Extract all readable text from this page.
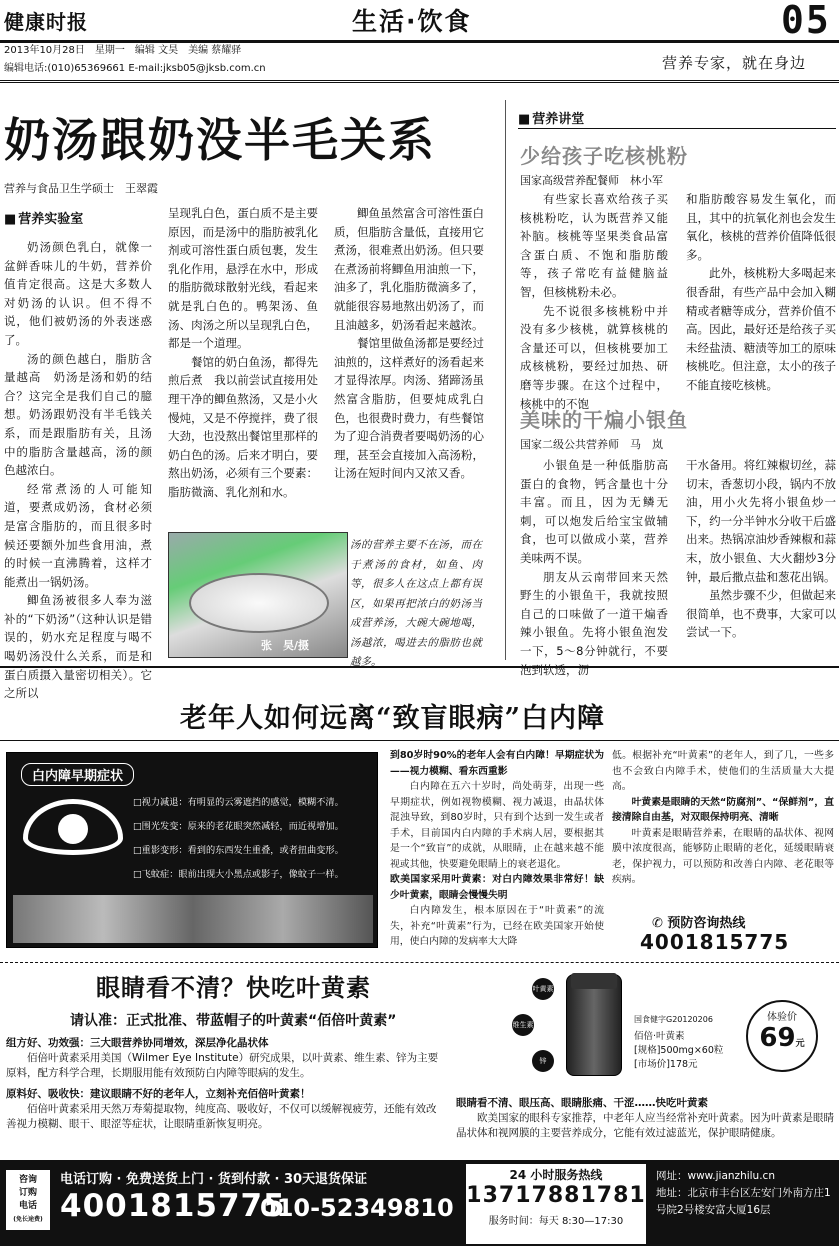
健康时报	生活·饮食	05
2013年10月28日　星期一　编辑 文昊　美编 蔡耀驿
编辑电话:(010)65369661 E-mail:jksb05@jksb.com.cn	营养专家，就在身边
奶汤跟奶没半毛关系
营养与食品卫生学硕士　王翠霞
■ 营养实验室

奶汤颜色乳白，就像一盆鲜香味儿的牛奶，营养价值肯定很高。这是大多数人对奶汤的认识。但不得不说，他们被奶汤的外表迷惑了。

汤的颜色越白，脂肪含量越高　奶汤是汤和奶的结合？这完全是我们自己的臆想。奶汤跟奶没有半毛钱关系，而是跟脂肪有关，且汤中的脂肪含量越高，汤的颜色越浓白。

经常煮汤的人可能知道，要煮成奶汤，食材必须是富含脂肪的，而且很多时候还要额外加些食用油，煮的时候一直沸腾着，这样才能煮出一锅奶汤。

鲫鱼汤被很多人奉为滋补的“下奶汤”（这种认识是错误的，奶水充足程度与喝不喝奶汤没什么关系，而是和蛋白质摄入量密切相关）。它之所以

呈现乳白色，蛋白质不是主要原因，而是汤中的脂肪被乳化剂或可溶性蛋白质包裹，发生乳化作用，悬浮在水中，形成的脂肪微球散射光线，看起来就是乳白色的。鸭架汤、鱼汤、肉汤之所以呈现乳白色，都是一个道理。

餐馆的奶白鱼汤，都得先煎后煮　我以前尝试直接用处理干净的鲫鱼熬汤，又是小火慢炖，又是不停搅拌，费了很大劲，也没熬出餐馆里那样的奶白色的汤。后来才明白，要熬出奶汤，必须有三个要素：脂肪微滴、乳化剂和水。

鲫鱼虽然富含可溶性蛋白质，但脂肪含量低，直接用它煮汤，很难煮出奶汤。但只要在煮汤前将鲫鱼用油煎一下，油多了，乳化脂肪微滴多了，就能很容易地熬出奶汤了，而且油越多，奶汤看起来越浓。

餐馆里做鱼汤都是要经过油煎的，这样煮好的汤看起来才显得浓厚。肉汤、猪蹄汤虽然富含脂肪，但要炖成乳白色，也很费时费力，有些餐馆为了迎合消费者要喝奶汤的心理，甚至会直接加入高汤粉，让汤在短时间内又浓又香。

张　昊/摄
汤的营养主要不在汤，而在于煮汤的食材，如鱼、肉等，很多人在这点上都有误区，如果再把浓白的奶汤当成营养汤，大碗大碗地喝，汤越浓，喝进去的脂肪也就越多。
■ 营养讲堂
少给孩子吃核桃粉
国家高级营养配餐师　林小军

有些家长喜欢给孩子买核桃粉吃，认为既营养又能补脑。核桃等坚果类食品富含蛋白质、不饱和脂肪酸等，孩子常吃有益健脑益智，但核桃粉未必。

先不说很多核桃粉中并没有多少核桃，就算核桃的含量还可以，但核桃要加工成核桃粉，要经过加热、研磨等步骤。在这个过程中，核桃中的不饱

和脂肪酸容易发生氧化，而且，其中的抗氧化剂也会发生氧化，核桃的营养价值降低很多。

此外，核桃粉大多喝起来很香甜，有些产品中会加入糊精或者糖等成分，营养价值不高。因此，最好还是给孩子买未经盐渍、糖渍等加工的原味核桃吃。但注意，太小的孩子不能直接吃核桃。

美味的干煸小银鱼
国家二级公共营养师　马　岚

小银鱼是一种低脂肪高蛋白的食物，钙含量也十分丰富。而且，因为无鳞无刺，可以炮发后给宝宝做辅食，也可以做成小菜，营养美味两不误。

朋友从云南带回来天然野生的小银鱼干，我就按照自己的口味做了一道干煸香辣小银鱼。先将小银鱼泡发一下，5～8分钟就行，不要泡到软透，沥

干水备用。将红辣椒切丝，蒜切末，香葱切小段，锅内不放油，用小火先将小银鱼炒一下，约一分半钟水分收干后盛出来。热锅凉油炒香辣椒和蒜末，放小银鱼、大火翻炒3分钟，最后撒点盐和葱花出锅。

虽然步骤不少，但做起来很简单，也不费事，大家可以尝试一下。

老年人如何远离“致盲眼病”白内障
白内障早期症状
□视力减退：有明显的云雾遮挡的感觉，模糊不清。
□围光发变：原来的老花眼突然减轻，而近视增加。
□重影变形：看到的东西发生重叠，或者扭曲变形。
□飞蚊症：眼前出现大小黑点或影子，像蚊子一样。
到80岁时90%的老年人会有白内障！早期症状为——视力模糊、看东西重影
白内障在五六十岁时，尚处萌芽，出现一些早期症状，例如视物模糊、视力减退，由晶状体混浊导致，到80岁时，只有到个达到一发生或者手术，目前国内白内障的手术病人居，要根据其是一个“致盲”的成就，从眼睛，止在越来越不能视或其他，快要避免眼睛上的衰老退化。
欧美国家采用叶黄素：对白内障效果非常好！缺少叶黄素，眼睛会慢慢失明
白内障发生，根本原因在于“叶黄素”的流失，补充“叶黄素”行为，已经在欧美国家开始使用，使白内障的发病率大大降
低。根据补充“叶黄素”的老年人，到了几，一些多也不会致白内障手术，使他们的生活质量大大提高。
叶黄素是眼睛的天然“防腐剂”、“保鲜剂”，直接清除自由基，对双眼保持明亮、清晰
叶黄素是眼睛营养素，在眼睛的晶状体、视网膜中浓度很高，能够防止眼睛的老化，延缓眼睛衰老，保护视力，可以预防和改善白内障、老花眼等疾病。
✆ 预防咨询热线
4001815775
眼睛看不清？快吃叶黄素
请认准：正式批准、带蓝帽子的叶黄素“佰倍叶黄素”
组方好、功效强：三大眼营养协同增效，深层净化晶状体
佰倍叶黄素采用美国（Wilmer Eye Institute）研究成果，以叶黄素、维生素、锌为主要原料，配方科学合理，长期服用能有效预防白内障等眼病的发生。
原料好、吸收快：建议眼睛不好的老年人，立刻补充佰倍叶黄素！
佰倍叶黄素采用天然万寿菊提取物，纯度高、吸收好，不仅可以缓解视疲劳，还能有效改善视力模糊、眼干、眼涩等症状，让眼睛重新恢复明亮。
叶黄素
维生素
锌
国食健字G20120206
佰倍·叶黄素
[规格]500mg×60粒
[市场价]178元
体验价
69元
眼睛看不清、眼压高、眼睛胀痛、干涩……快吃叶黄素
欧美国家的眼科专家推荐，中老年人应当经常补充叶黄素。因为叶黄素是眼睛晶状体和视网膜的主要营养成分，它能有效过滤蓝光，保护眼睛健康。
咨询
订购
电话
(免长途费)
电话订购 · 免费送货上门 · 货到付款 · 30天退货保证
4001815775
010-52349810
24 小时服务热线
13717881781
服务时间：每天 8:30—17:30
网址：www.jianzhilu.cn
地址：北京市丰台区左安门外南方庄1号院2号楼安富大厦16层
